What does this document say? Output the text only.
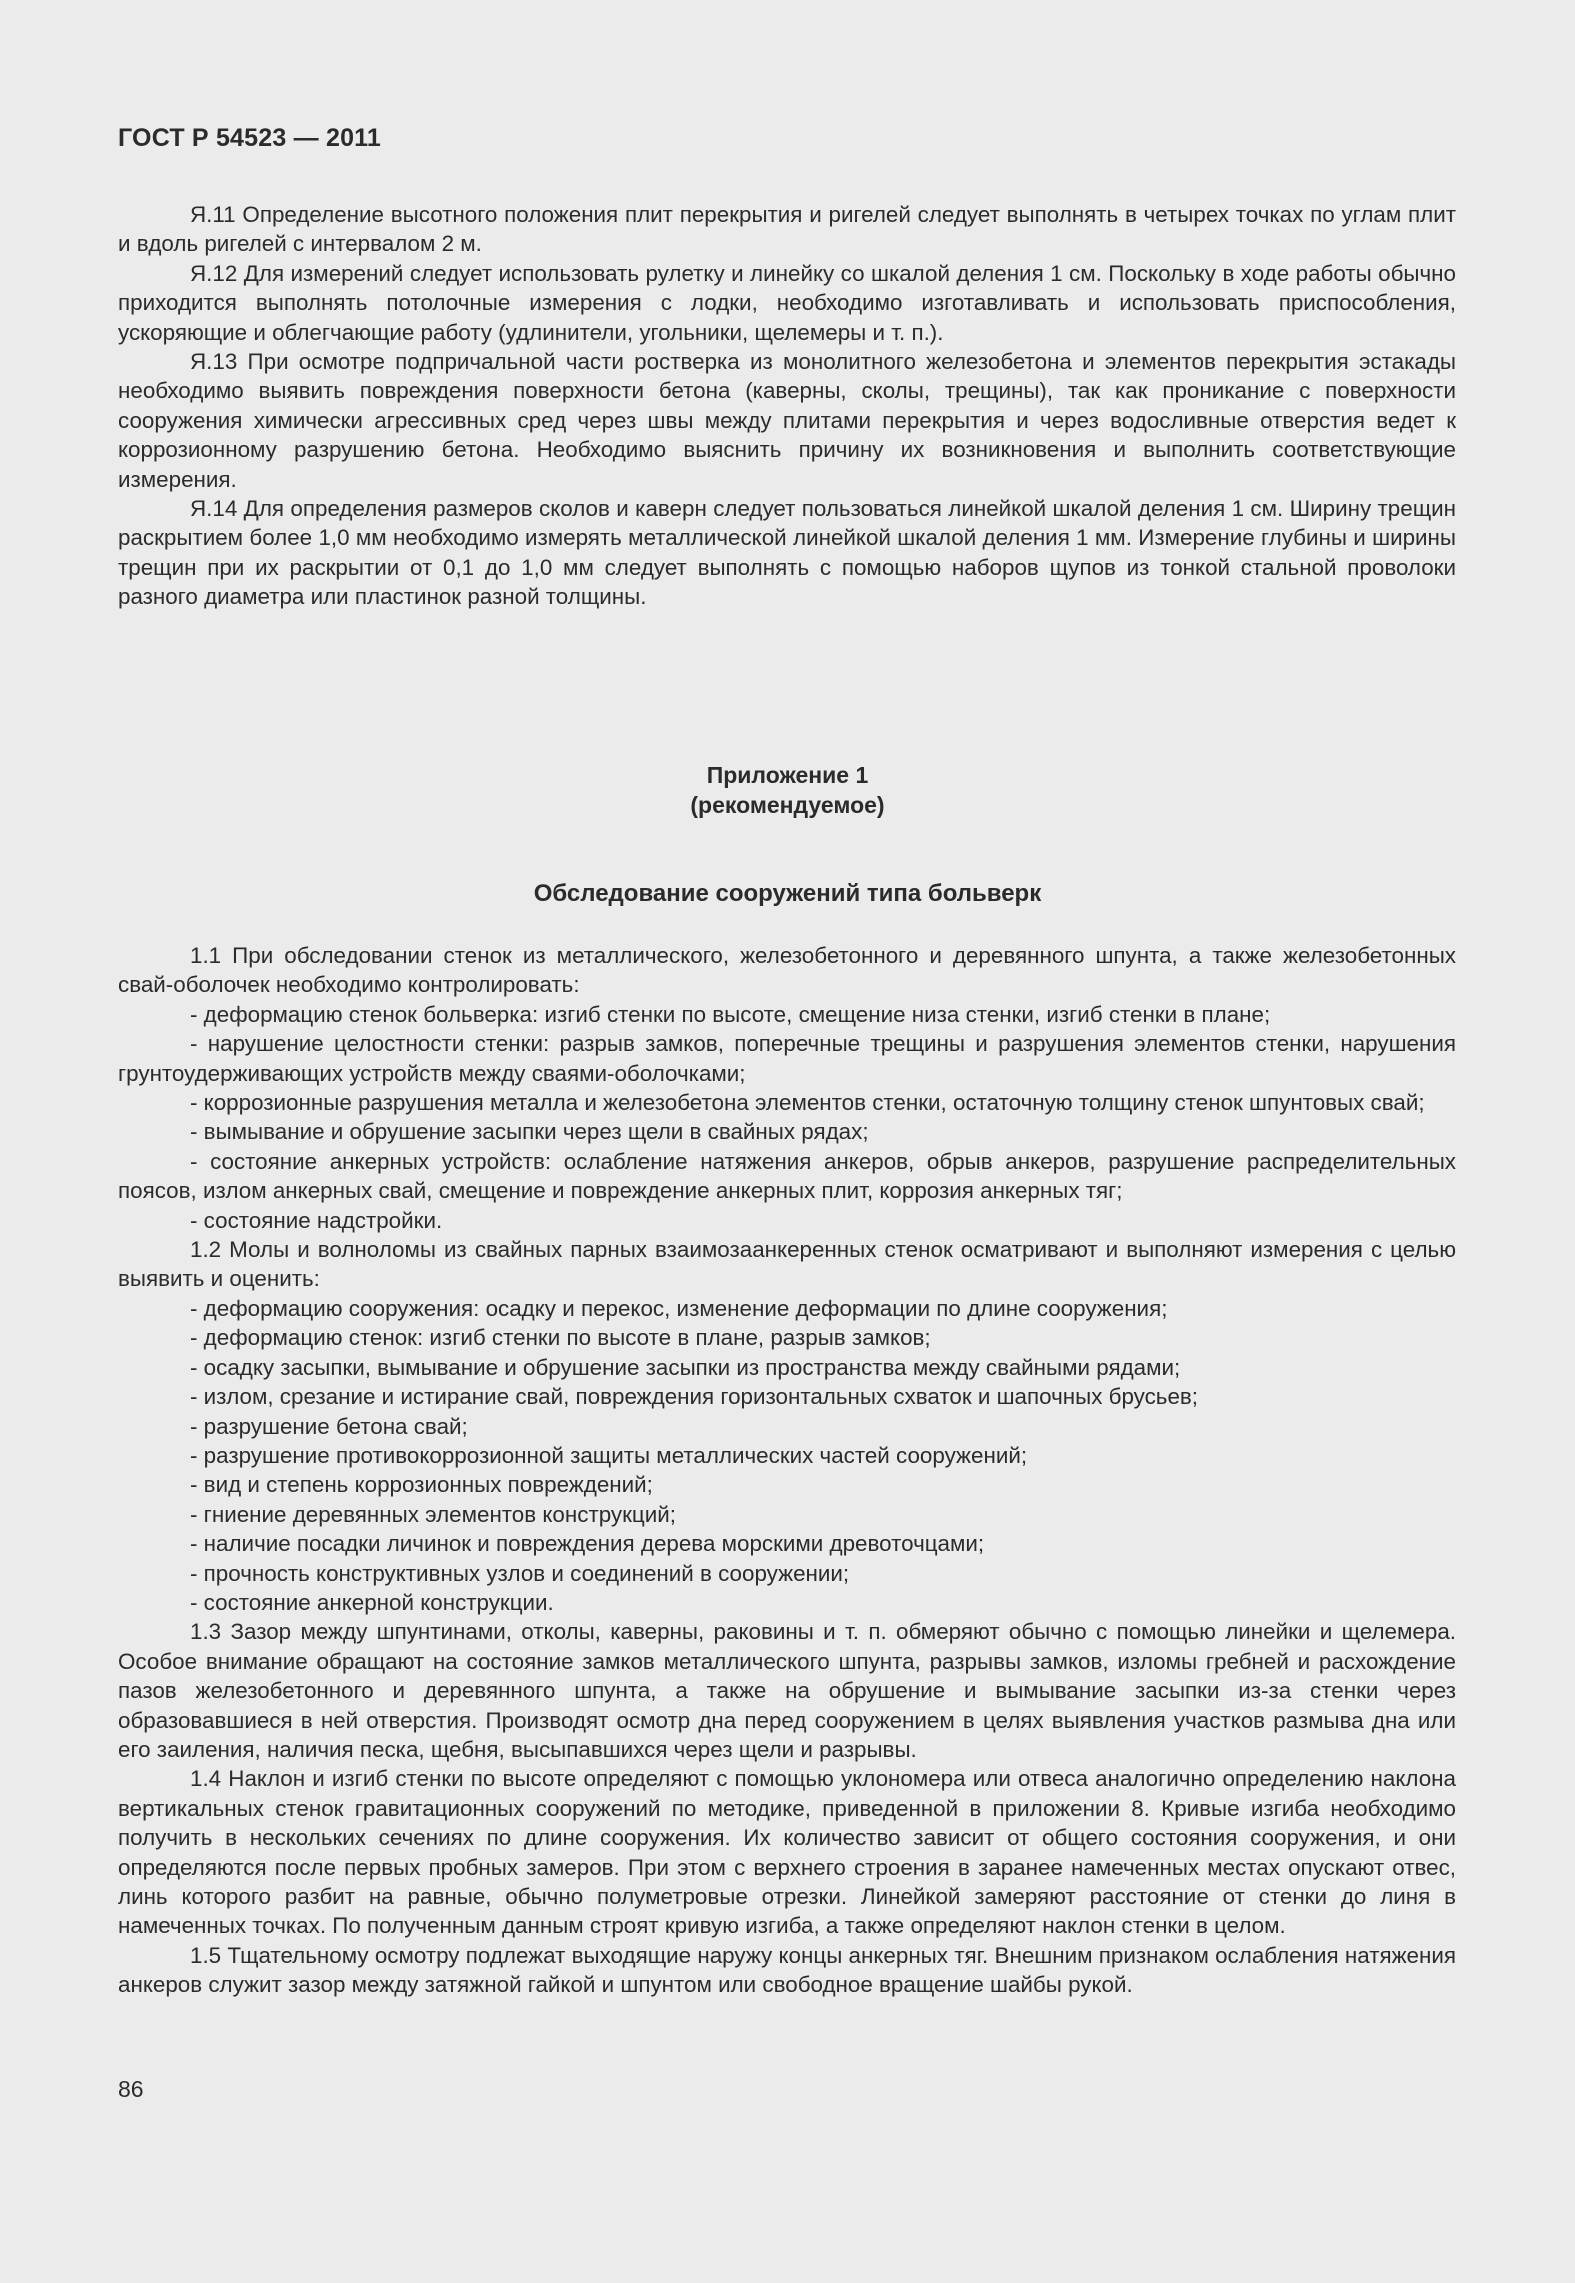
ГОСТ Р 54523 — 2011

Я.11 Определение высотного положения плит перекрытия и ригелей следует выполнять в четырех точках по углам плит и вдоль ригелей с интервалом 2 м.

Я.12 Для измерений следует использовать рулетку и линейку со шкалой деления 1 см. Поскольку в ходе работы обычно приходится выполнять потолочные измерения с лодки, необходимо изготавливать и использовать приспособления, ускоряющие и облегчающие работу (удлинители, угольники, щелемеры и т. п.).

Я.13 При осмотре подпричальной части ростверка из монолитного железобетона и элементов перекрытия эстакады необходимо выявить повреждения поверхности бетона (каверны, сколы, трещины), так как проникание с поверхности сооружения химически агрессивных сред через швы между плитами перекрытия и через водосливные отверстия ведет к коррозионному разрушению бетона. Необходимо выяснить причину их возникновения и выполнить соответствующие измерения.

Я.14 Для определения размеров сколов и каверн следует пользоваться линейкой шкалой деления 1 см. Ширину трещин раскрытием более 1,0 мм необходимо измерять металлической линейкой шкалой деления 1 мм. Измерение глубины и ширины трещин при их раскрытии от 0,1 до 1,0 мм следует выполнять с помощью наборов щупов из тонкой стальной проволоки разного диаметра или пластинок разной толщины.

Приложение 1
(рекомендуемое)
Обследование сооружений типа больверк

1.1 При обследовании стенок из металлического, железобетонного и деревянного шпунта, а также железобетонных свай-оболочек необходимо контролировать:

- деформацию стенок больверка: изгиб стенки по высоте, смещение низа стенки, изгиб стенки в плане;

- нарушение целостности стенки: разрыв замков, поперечные трещины и разрушения элементов стенки, нарушения грунтоудерживающих устройств между сваями-оболочками;

- коррозионные разрушения металла и железобетона элементов стенки, остаточную толщину стенок шпунтовых свай;

- вымывание и обрушение засыпки через щели в свайных рядах;

- состояние анкерных устройств: ослабление натяжения анкеров, обрыв анкеров, разрушение распределительных поясов, излом анкерных свай, смещение и повреждение анкерных плит, коррозия анкерных тяг;

- состояние надстройки.

1.2 Молы и волноломы из свайных парных взаимозаанкеренных стенок осматривают и выполняют измерения с целью выявить и оценить:

- деформацию сооружения: осадку и перекос, изменение деформации по длине сооружения;

- деформацию стенок: изгиб стенки по высоте в плане, разрыв замков;

- осадку засыпки, вымывание и обрушение засыпки из пространства между свайными рядами;

- излом, срезание и истирание свай, повреждения горизонтальных схваток и шапочных брусьев;

- разрушение бетона свай;

- разрушение противокоррозионной защиты металлических частей сооружений;

- вид и степень коррозионных повреждений;

- гниение деревянных элементов конструкций;

- наличие посадки личинок и повреждения дерева морскими древоточцами;

- прочность конструктивных узлов и соединений в сооружении;

- состояние анкерной конструкции.

1.3 Зазор между шпунтинами, отколы, каверны, раковины и т. п. обмеряют обычно с помощью линейки и щелемера. Особое внимание обращают на состояние замков металлического шпунта, разрывы замков, изломы гребней и расхождение пазов железобетонного и деревянного шпунта, а также на обрушение и вымывание засыпки из-за стенки через образовавшиеся в ней отверстия. Производят осмотр дна перед сооружением в целях выявления участков размыва дна или его заиления, наличия песка, щебня, высыпавшихся через щели и разрывы.

1.4 Наклон и изгиб стенки по высоте определяют с помощью уклономера или отвеса аналогично определению наклона вертикальных стенок гравитационных сооружений по методике, приведенной в приложении 8. Кривые изгиба необходимо получить в нескольких сечениях по длине сооружения. Их количество зависит от общего состояния сооружения, и они определяются после первых пробных замеров. При этом с верхнего строения в заранее намеченных местах опускают отвес, линь которого разбит на равные, обычно полуметровые отрезки. Линейкой замеряют расстояние от стенки до линя в намеченных точках. По полученным данным строят кривую изгиба, а также определяют наклон стенки в целом.

1.5 Тщательному осмотру подлежат выходящие наружу концы анкерных тяг. Внешним признаком ослабления натяжения анкеров служит зазор между затяжной гайкой и шпунтом или свободное вращение шайбы рукой.

86
